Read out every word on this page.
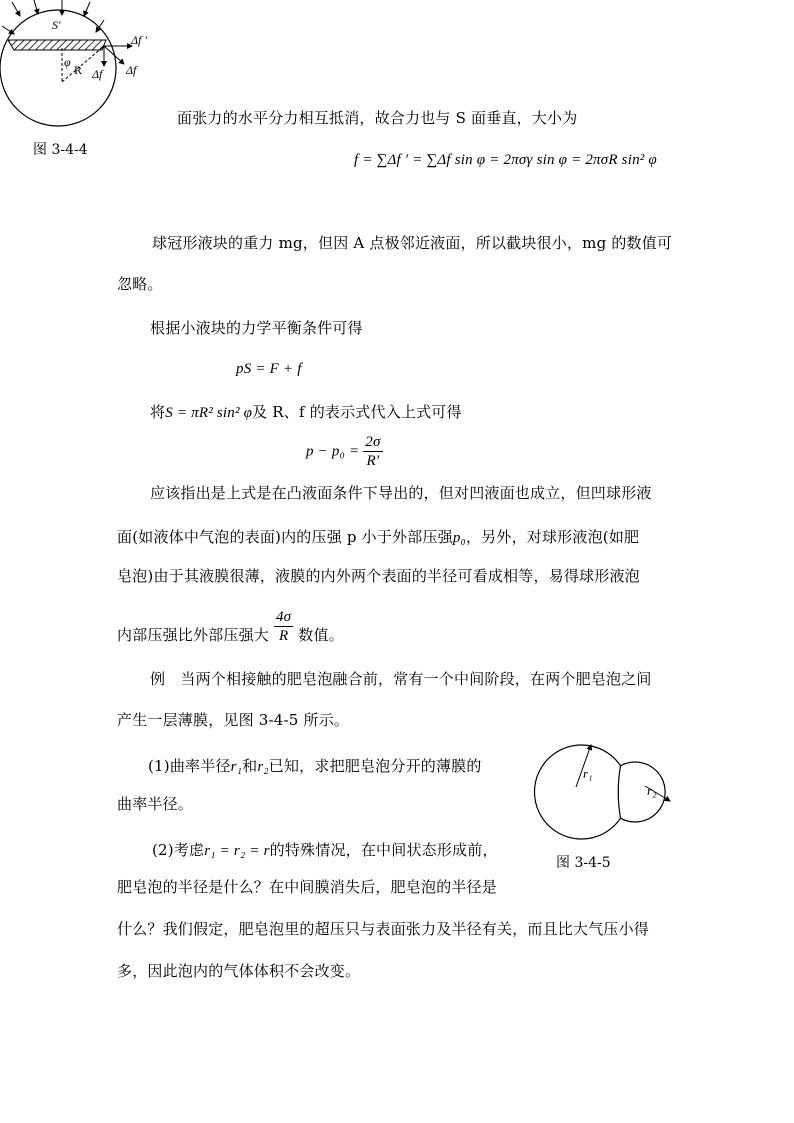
S′
φ
R
Δf ′
Δf Δf
图 3-4-4
面张力的水平分力相互抵消，故合力也与 S 面垂直，大小为
f = ∑Δf ′ = ∑Δf sin φ = 2πσγ sin φ = 2πσR sin² φ
球冠形液块的重力 mg，但因 A 点极邻近液面，所以截块很小，mg 的数值可
忽略。
根据小液块的力学平衡条件可得
pS = F + f
将S = πR² sin² φ及 R、f 的表示式代入上式可得
$p - p_0 = \frac{2\sigma}{R'}$
应该指出是上式是在凸液面条件下导出的，但对凹液面也成立，但凹球形液
面(如液体中气泡的表面)内的压强 p 小于外部压强p₀，另外，对球形液泡(如肥
皂泡)由于其液膜很薄，液膜的内外两个表面的半径可看成相等，易得球形液泡
内部压强比外部压强大 $\frac{4\sigma}{R}$ 数值。
例　当两个相接触的肥皂泡融合前，常有一个中间阶段，在两个肥皂泡之间
产生一层薄膜，见图 3-4-5 所示。
(1)曲率半径r₁和r₂已知，求把肥皂泡分开的薄膜的
曲率半径。
(2)考虑r₁ = r₂ = r的特殊情况，在中间状态形成前，
肥皂泡的半径是什么？在中间膜消失后，肥皂泡的半径是
什么？我们假定，肥皂泡里的超压只与表面张力及半径有关，而且比大气压小得
多，因此泡内的气体体积不会改变。
r₁
r₂
图 3-4-5
